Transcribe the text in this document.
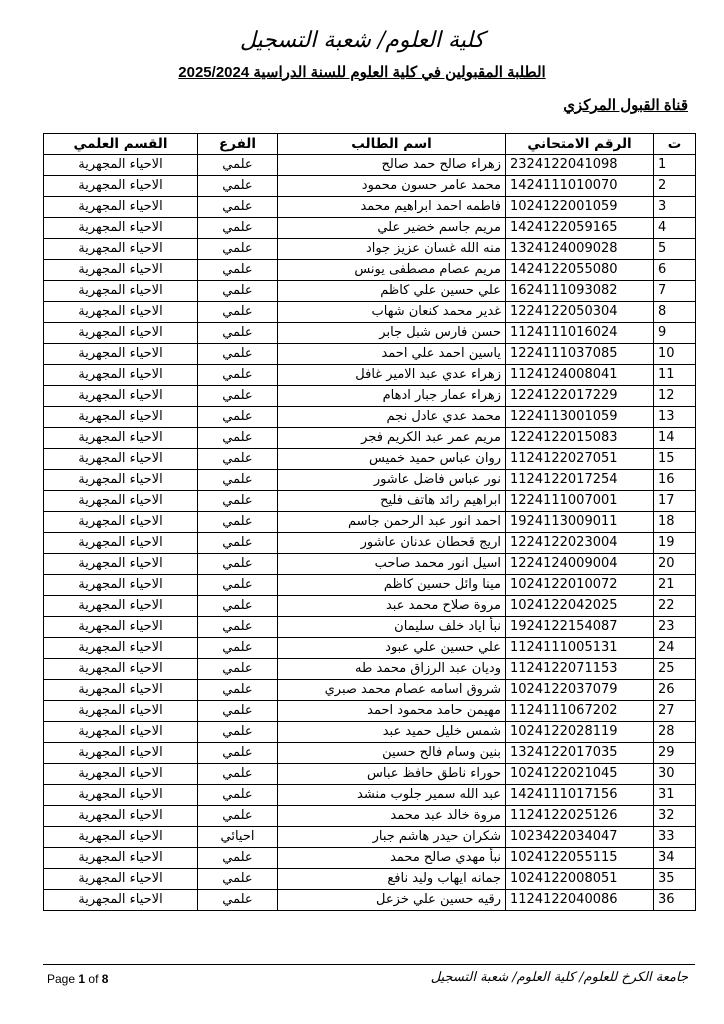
كلية العلوم/ شعبة التسجيل
الطلبة المقبولين في كلية العلوم للسنة الدراسية 2025/2024
قناة القبول المركزي
ت	الرقم الامتحاني	اسم الطالب	الفرع	القسم العلمي
1	2324122041098	زهراء صالح حمد صالح	علمي	الاحياء المجهرية
2	1424111010070	محمد عامر حسون محمود	علمي	الاحياء المجهرية
3	1024122001059	فاطمه احمد ابراهيم محمد	علمي	الاحياء المجهرية
4	1424122059165	مريم جاسم خضير علي	علمي	الاحياء المجهرية
5	1324124009028	منه الله غسان عزيز جواد	علمي	الاحياء المجهرية
6	1424122055080	مريم عصام مصطفى يونس	علمي	الاحياء المجهرية
7	1624111093082	علي حسين علي كاظم	علمي	الاحياء المجهرية
8	1224122050304	غدير محمد كنعان شهاب	علمي	الاحياء المجهرية
9	1124111016024	حسن فارس شبل جابر	علمي	الاحياء المجهرية
10	1224111037085	ياسين احمد علي احمد	علمي	الاحياء المجهرية
11	1124124008041	زهراء عدي عبد الامير غافل	علمي	الاحياء المجهرية
12	1224122017229	زهراء عمار جبار ادهام	علمي	الاحياء المجهرية
13	1224113001059	محمد عدي عادل نجم	علمي	الاحياء المجهرية
14	1224122015083	مريم عمر عبد الكريم فجر	علمي	الاحياء المجهرية
15	1124122027051	روان عباس حميد خميس	علمي	الاحياء المجهرية
16	1124122017254	نور عباس فاضل عاشور	علمي	الاحياء المجهرية
17	1224111007001	ابراهيم رائد هاتف فليح	علمي	الاحياء المجهرية
18	1924113009011	احمد انور عبد الرحمن جاسم	علمي	الاحياء المجهرية
19	1224122023004	اريج قحطان عدنان عاشور	علمي	الاحياء المجهرية
20	1224124009004	اسيل انور محمد صاحب	علمي	الاحياء المجهرية
21	1024122010072	مينا وائل حسين كاظم	علمي	الاحياء المجهرية
22	1024122042025	مروة صلاح محمد عبد	علمي	الاحياء المجهرية
23	1924122154087	نبأ اياد خلف سليمان	علمي	الاحياء المجهرية
24	1124111005131	علي حسين علي عبود	علمي	الاحياء المجهرية
25	1124122071153	وديان عبد الرزاق محمد طه	علمي	الاحياء المجهرية
26	1024122037079	شروق اسامه عصام محمد صبري	علمي	الاحياء المجهرية
27	1124111067202	مهيمن حامد محمود احمد	علمي	الاحياء المجهرية
28	1024122028119	شمس خليل حميد عبد	علمي	الاحياء المجهرية
29	1324122017035	بنين وسام فالح حسين	علمي	الاحياء المجهرية
30	1024122021045	حوراء ناطق حافظ عباس	علمي	الاحياء المجهرية
31	1424111017156	عبد الله سمير جلوب منشد	علمي	الاحياء المجهرية
32	1124122025126	مروة خالد عبد محمد	علمي	الاحياء المجهرية
33	1023422034047	شكران حيدر هاشم جبار	احيائي	الاحياء المجهرية
34	1024122055115	نبأ مهدي صالح محمد	علمي	الاحياء المجهرية
35	1024122008051	جمانه ايهاب وليد نافع	علمي	الاحياء المجهرية
36	1124122040086	رقيه حسين علي خزعل	علمي	الاحياء المجهرية
Page 1 of 8	جامعة الكرخ للعلوم/ كلية العلوم/ شعبة التسجيل
